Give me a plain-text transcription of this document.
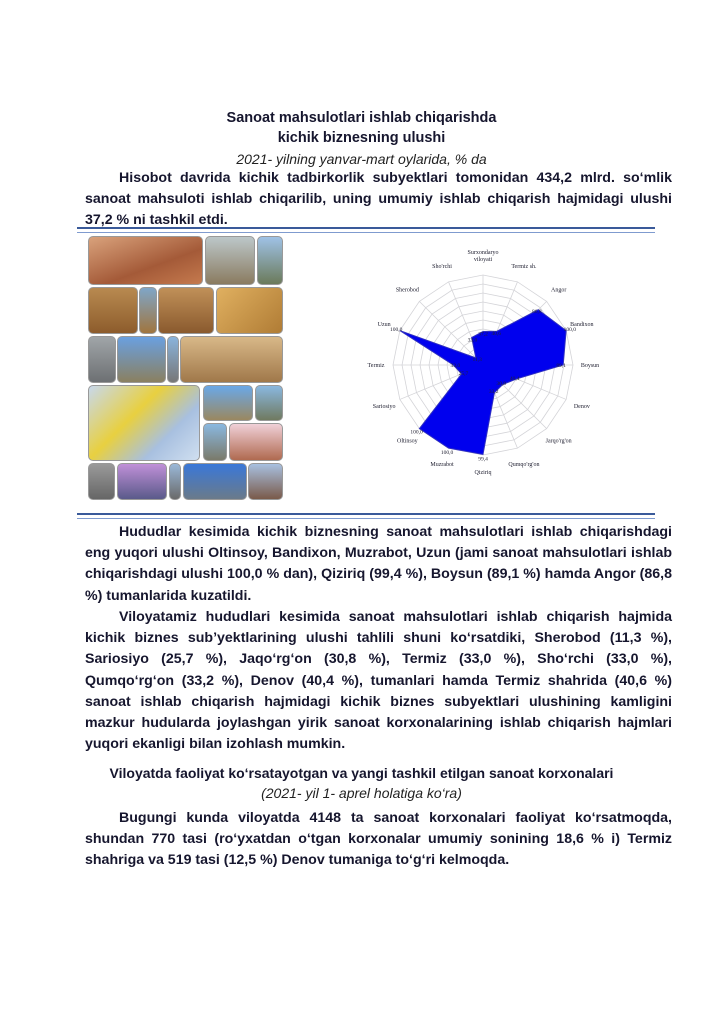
Sanoat mahsulotlari ishlab chiqarishda
kichik biznesning ulushi
2021- yilning yanvar-mart oylarida, % da
Hisobot davrida kichik tadbirkorlik subyektlari tomonidan 434,2 mlrd. so‘mlik sanoat mahsuloti ishlab chiqarilib, uning umumiy ishlab chiqarish hajmidagi ulushi 37,2 % ni tashkil etdi.
Surxondaryo viloyati
37,2
Termiz sh.
40,6
Angor
86,8
Bandixon
100,0
Boysun
89,1
Denov
40,4
Jarqo'rg'on
30,8
Qumqo'rg'on
33,2
Qiziriq
99,4
Muzrabot
100,0
Oltinsoy
100,0
Sariosiyo
25,7
Termiz	33,0
Uzun
100,0
Sherobod
11,3
Sho'rchi
33,0
Hududlar kesimida kichik biznesning sanoat mahsulotlari ishlab chiqarishdagi eng yuqori ulushi Oltinsoy, Bandixon, Muzrabot, Uzun (jami sanoat mahsulotlari ishlab chiqarishdagi ulushi 100,0 % dan), Qiziriq (99,4 %), Boysun (89,1 %) hamda Angor (86,8 %) tumanlarida kuzatildi.
Viloyatamiz hududlari kesimida sanoat mahsulotlari ishlab chiqarish hajmida kichik biznes sub’yektlarining ulushi tahlili shuni ko‘rsatdiki, Sherobod (11,3 %), Sariosiyo (25,7 %), Jaqo‘rg‘on (30,8 %), Termiz (33,0 %), Sho‘rchi (33,0 %), Qumqo‘rg‘on (33,2 %), Denov (40,4 %), tumanlari hamda Termiz shahrida (40,6 %) sanoat ishlab chiqarish hajmidagi kichik biznes subyektlari ulushining kamligini mazkur hudularda joylashgan yirik sanoat korxonalarining ishlab chiqarish hajmlari yuqori ekanligi bilan izohlash mumkin.
Viloyatda faoliyat ko‘rsatayotgan va yangi tashkil etilgan sanoat korxonalari
(2021- yil 1- aprel holatiga ko‘ra)
Bugungi kunda viloyatda 4148 ta sanoat korxonalari faoliyat ko‘rsatmoqda, shundan 770 tasi (ro‘yxatdan o‘tgan korxonalar umumiy sonining 18,6 % i) Termiz shahriga va 519 tasi (12,5 %) Denov tumaniga to‘g‘ri kelmoqda.
